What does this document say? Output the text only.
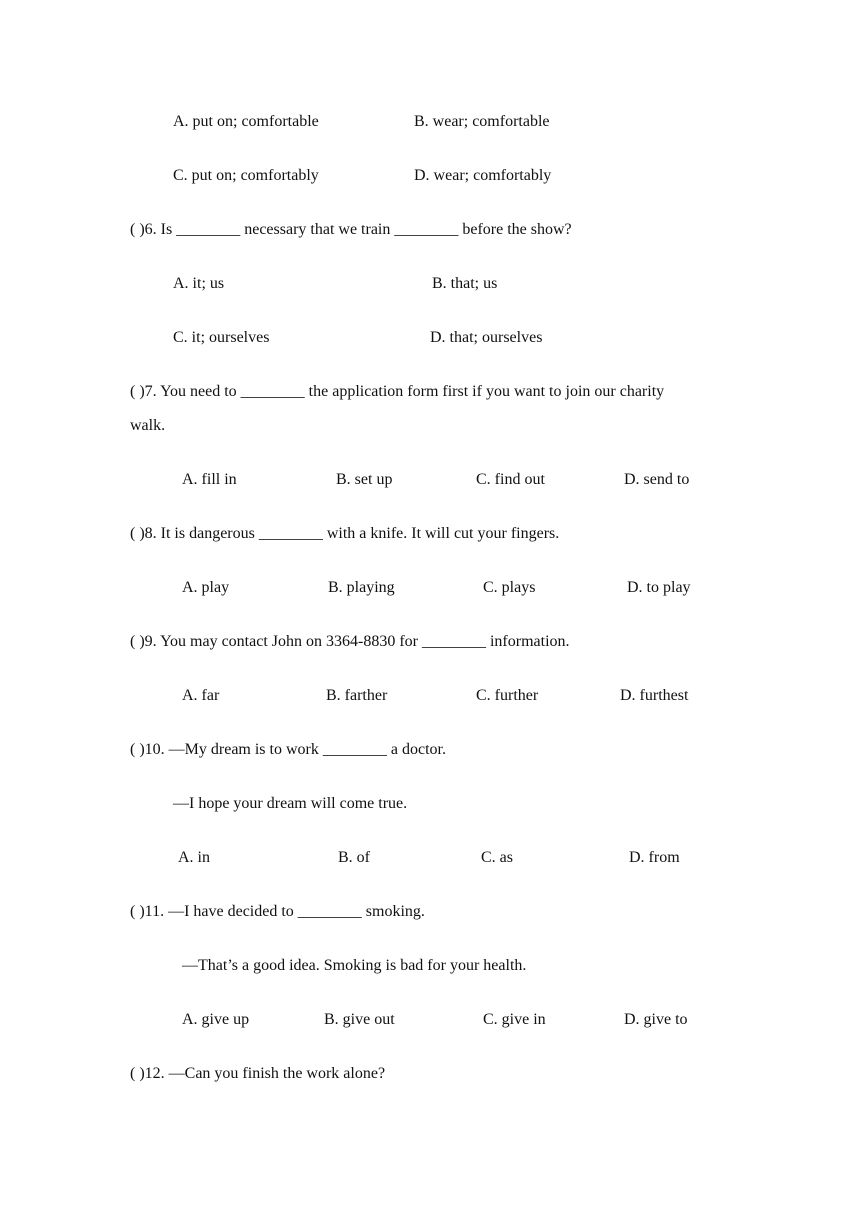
A. put on; comfortable	B. wear; comfortable
C. put on; comfortably	D. wear; comfortably
( )6. Is ________ necessary that we train ________ before the show?
A. it; us	B. that; us
C. it; ourselves	D. that; ourselves
( )7. You need to ________ the application form first if you want to join our charity
walk.
A. fill in	B. set up	C. find out	D. send to
( )8. It is dangerous ________ with a knife. It will cut your fingers.
A. play	B. playing	C. plays	D. to play
( )9. You may contact John on 3364-8830 for ________ information.
A. far	B. farther	C. further	D. furthest
( )10. —My dream is to work ________ a doctor.
—I hope your dream will come true.
A. in	B. of	C. as	D. from
( )11. —I have decided to ________ smoking.
—That’s a good idea. Smoking is bad for your health.
A. give up	B. give out	C. give in	D. give to
( )12. —Can you finish the work alone?
